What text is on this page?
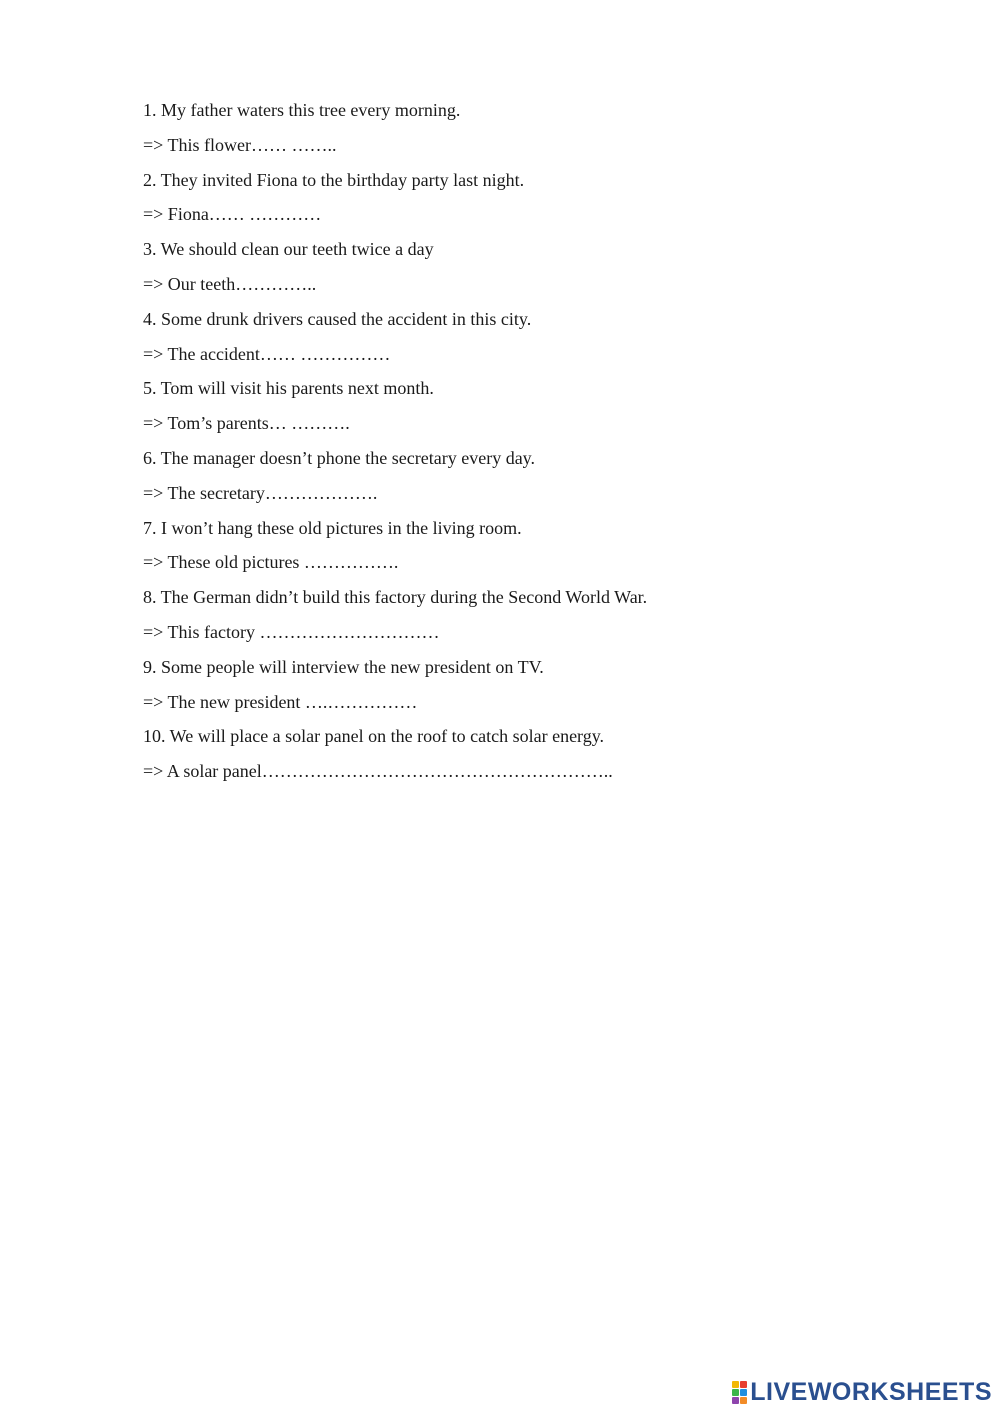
1. My father waters this tree every morning.
=> This flower…… ……..
2. They invited Fiona to the birthday party last night.
=> Fiona…… …………
3. We should clean our teeth twice a day
=> Our teeth…………..
4. Some drunk drivers caused the accident in this city.
=> The accident…… ……………
5. Tom will visit his parents next month.
=> Tom’s parents… ……….
6. The manager doesn’t phone the secretary every day.
=> The secretary……………….
7. I won’t hang these old pictures in the living room.
=> These old pictures …………….
8. The German didn’t build this factory during the Second World War.
=> This factory …………………………
9. Some people will interview the new president on TV.
=> The new president ….……………
10. We will place a solar panel on the roof to catch solar energy.
=> A solar panel…………………………………………………..
LIVEWORKSHEETS
